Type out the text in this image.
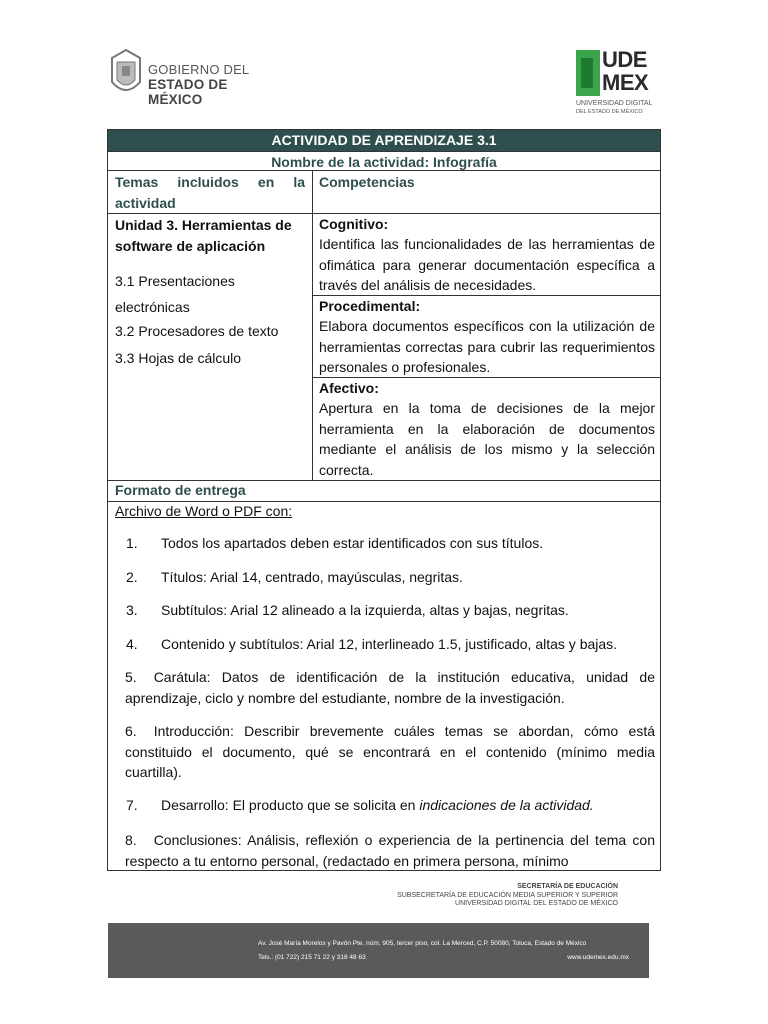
GOBIERNO DEL
ESTADO DE MÉXICO
UDE
MEX
UNIVERSIDAD DIGITAL
DEL ESTADO DE MÉXICO
ACTIVIDAD DE APRENDIZAJE 3.1
Nombre de la actividad: Infografía
Temas incluidos en la actividad
Competencias
Unidad 3. Herramientas de software de aplicación
3.1 Presentaciones electrónicas
3.2 Procesadores de texto
3.3 Hojas de cálculo
Cognitivo:
Identifica las funcionalidades de las herramientas de ofimática para generar documentación específica a través del análisis de necesidades.
Procedimental:
Elabora documentos específicos con la utilización de herramientas correctas para cubrir las requerimientos personales o profesionales.
Afectivo:
Apertura en la toma de decisiones de la mejor herramienta en la elaboración de documentos mediante el análisis de los mismo y la selección correcta.
Formato de entrega
Archivo de Word o PDF con:
1. Todos los apartados deben estar identificados con sus títulos.
2. Títulos: Arial 14, centrado, mayúsculas, negritas.
3. Subtítulos: Arial 12 alineado a la izquierda, altas y bajas, negritas.
4. Contenido y subtítulos: Arial 12, interlineado 1.5, justificado, altas y bajas.
5. Carátula: Datos de identificación de la institución educativa, unidad de aprendizaje, ciclo y nombre del estudiante, nombre de la investigación.
6. Introducción: Describir brevemente cuáles temas se abordan, cómo está constituido el documento, qué se encontrará en el contenido (mínimo media cuartilla).
7. Desarrollo: El producto que se solicita en indicaciones de la actividad.
8. Conclusiones: Análisis, reflexión o experiencia de la pertinencia del tema con respecto a tu entorno personal, (redactado en primera persona, mínimo
SECRETARÍA DE EDUCACIÓN
SUBSECRETARÍA DE EDUCACIÓN MEDIA SUPERIOR Y SUPERIOR
UNIVERSIDAD DIGITAL DEL ESTADO DE MÉXICO
Av. José María Morelos y Pavón Pte. núm. 905, tercer piso, col. La Merced, C.P. 50080, Toluca, Estado de México
Tels.: (01 722) 215 71 22 y 318 48 63	www.udemex.edu.mx
